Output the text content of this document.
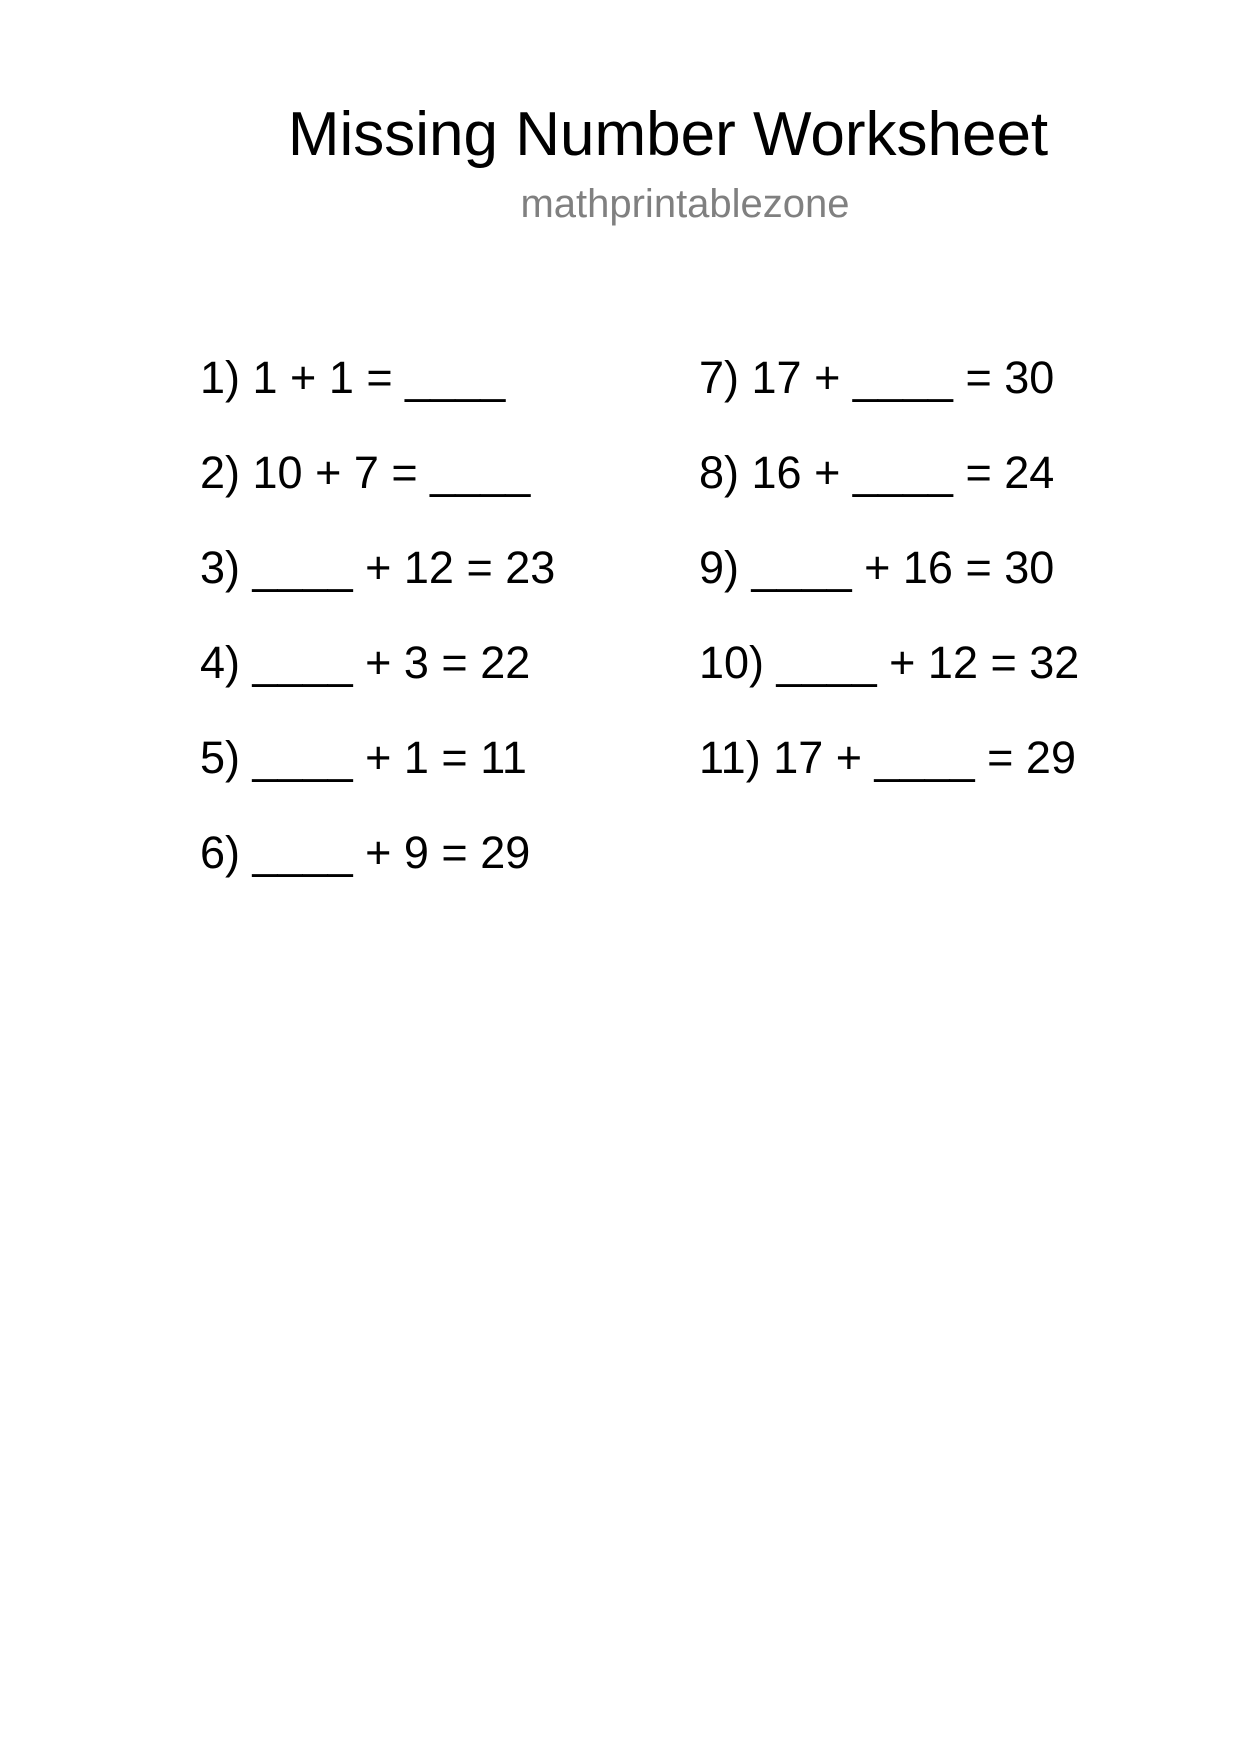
Missing Number Worksheet
mathprintablezone
1) 1 + 1 = ____
2) 10 + 7 = ____
3) ____ + 12 = 23
4) ____ + 3 = 22
5) ____ + 1 = 11
6) ____ + 9 = 29
7) 17 + ____ = 30
8) 16 + ____ = 24
9) ____ + 16 = 30
10) ____ + 12 = 32
11) 17 + ____ = 29
